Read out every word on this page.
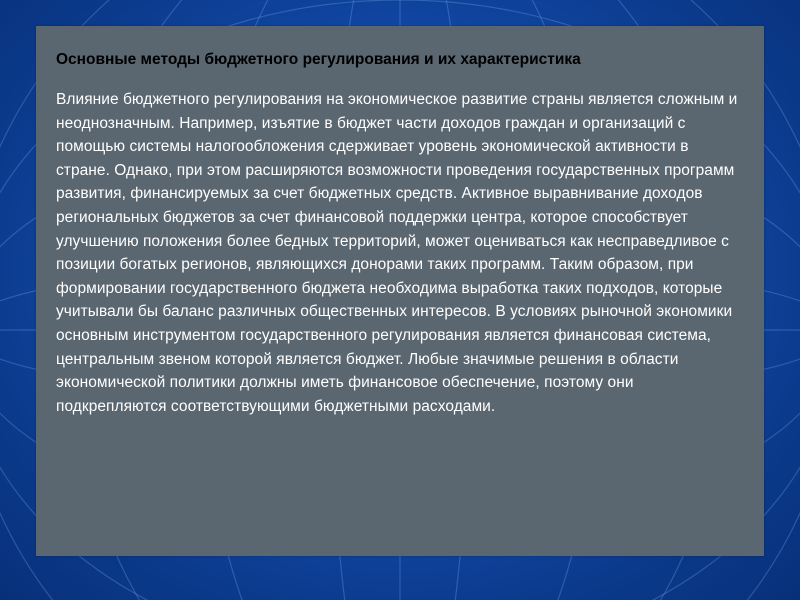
Основные методы бюджетного регулирования и их характеристика

Влияние бюджетного регулирования на экономическое развитие страны является сложным и неоднозначным. Например, изъятие в бюджет части доходов граждан и организаций с помощью системы налогообложения сдерживает уровень экономической активности в стране. Однако, при этом расширяются возможности проведения государственных программ развития, финансируемых за счет бюджетных средств. Активное выравнивание доходов региональных бюджетов за счет финансовой поддержки центра, которое способствует улучшению положения более бедных территорий, может оцениваться как несправедливое с позиции богатых регионов, являющихся донорами таких программ. Таким образом, при формировании государственного бюджета необходима выработка таких подходов, которые учитывали бы баланс различных общественных интересов. В условиях рыночной экономики основным инструментом государственного регулирования является финансовая система, центральным звеном которой является бюджет. Любые значимые решения в области экономической политики должны иметь финансовое обеспечение, поэтому они подкрепляются соответствующими бюджетными расходами.
